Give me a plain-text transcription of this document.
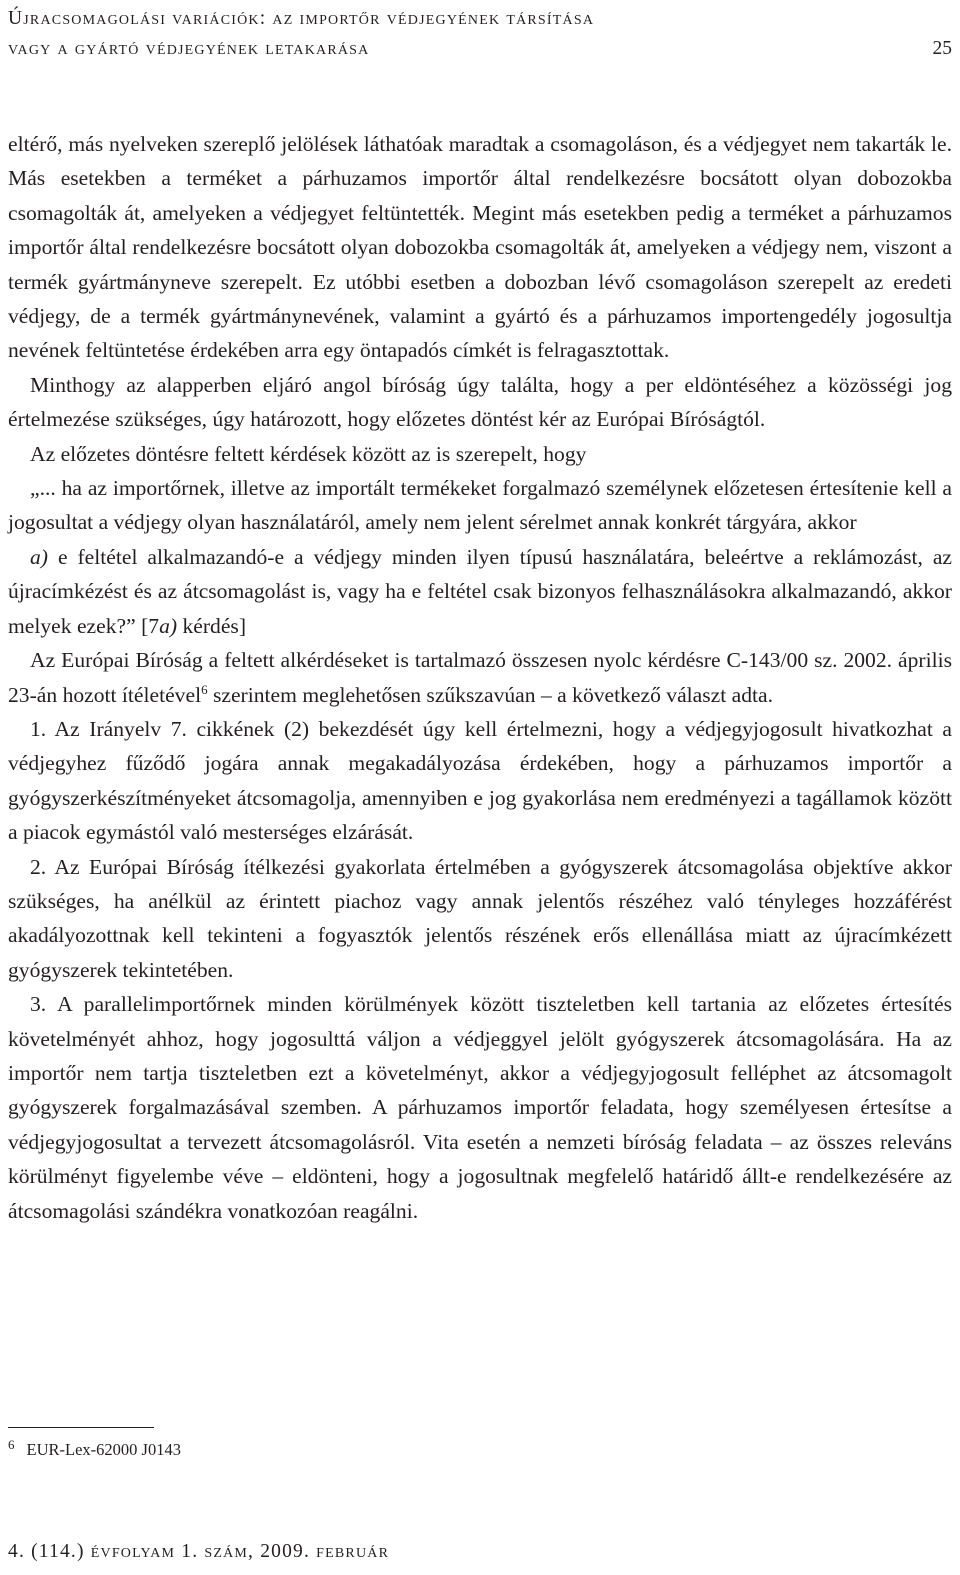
Újracsomagolási variációk: az importőr védjegyének társítása
vagy a gyártó védjegyének letakarása	25

eltérő, más nyelveken szereplő jelölések láthatóak maradtak a csomagoláson, és a védjegyet nem takarták le. Más esetekben a terméket a párhuzamos importőr által rendelkezésre bocsátott olyan dobozokba csomagolták át, amelyeken a védjegyet feltüntették. Megint más esetekben pedig a terméket a párhuzamos importőr által rendelkezésre bocsátott olyan dobozokba csomagolták át, amelyeken a védjegy nem, viszont a termék gyártmányneve szerepelt. Ez utóbbi esetben a dobozban lévő csomagoláson szerepelt az eredeti védjegy, de a termék gyártmánynevének, valamint a gyártó és a párhuzamos importengedély jogosultja nevének feltüntetése érdekében arra egy öntapadós címkét is felragasztottak.

Minthogy az alapperben eljáró angol bíróság úgy találta, hogy a per eldöntéséhez a közösségi jog értelmezése szükséges, úgy határozott, hogy előzetes döntést kér az Európai Bíróságtól.

Az előzetes döntésre feltett kérdések között az is szerepelt, hogy

„... ha az importőrnek, illetve az importált termékeket forgalmazó személynek előzetesen értesítenie kell a jogosultat a védjegy olyan használatáról, amely nem jelent sérelmet annak konkrét tárgyára, akkor

a) e feltétel alkalmazandó-e a védjegy minden ilyen típusú használatára, beleértve a reklámozást, az újracímkézést és az átcsomagolást is, vagy ha e feltétel csak bizonyos felhasználásokra alkalmazandó, akkor melyek ezek?” [7a) kérdés]

Az Európai Bíróság a feltett alkérdéseket is tartalmazó összesen nyolc kérdésre C-143/00 sz. 2002. április 23-án hozott ítéletével$^6$ szerintem meglehetősen szűkszavúan – a következő választ adta.

1. Az Irányelv 7. cikkének (2) bekezdését úgy kell értelmezni, hogy a védjegyjogosult hivatkozhat a védjegyhez fűződő jogára annak megakadályozása érdekében, hogy a párhuzamos importőr a gyógyszerkészítményeket átcsomagolja, amennyiben e jog gyakorlása nem eredményezi a tagállamok között a piacok egymástól való mesterséges elzárását.

2. Az Európai Bíróság ítélkezési gyakorlata értelmében a gyógyszerek átcsomagolása objektíve akkor szükséges, ha anélkül az érintett piachoz vagy annak jelentős részéhez való tényleges hozzáférést akadályozottnak kell tekinteni a fogyasztók jelentős részének erős ellenállása miatt az újracímkézett gyógyszerek tekintetében.

3. A parallelimportőrnek minden körülmények között tiszteletben kell tartania az előzetes értesítés követelményét ahhoz, hogy jogosulttá váljon a védjeggyel jelölt gyógyszerek átcsomagolására. Ha az importőr nem tartja tiszteletben ezt a követelményt, akkor a védjegyjogosult felléphet az átcsomagolt gyógyszerek forgalmazásával szemben. A párhuzamos importőr feladata, hogy személyesen értesítse a védjegyjogosultat a tervezett átcsomagolásról. Vita esetén a nemzeti bíróság feladata – az összes releváns körülményt figyelembe véve – eldönteni, hogy a jogosultnak megfelelő határidő állt-e rendelkezésére az átcsomagolási szándékra vonatkozóan reagálni.

$^6$ EUR-Lex-62000 J0143
4. (114.) évfolyam 1. szám, 2009. február
